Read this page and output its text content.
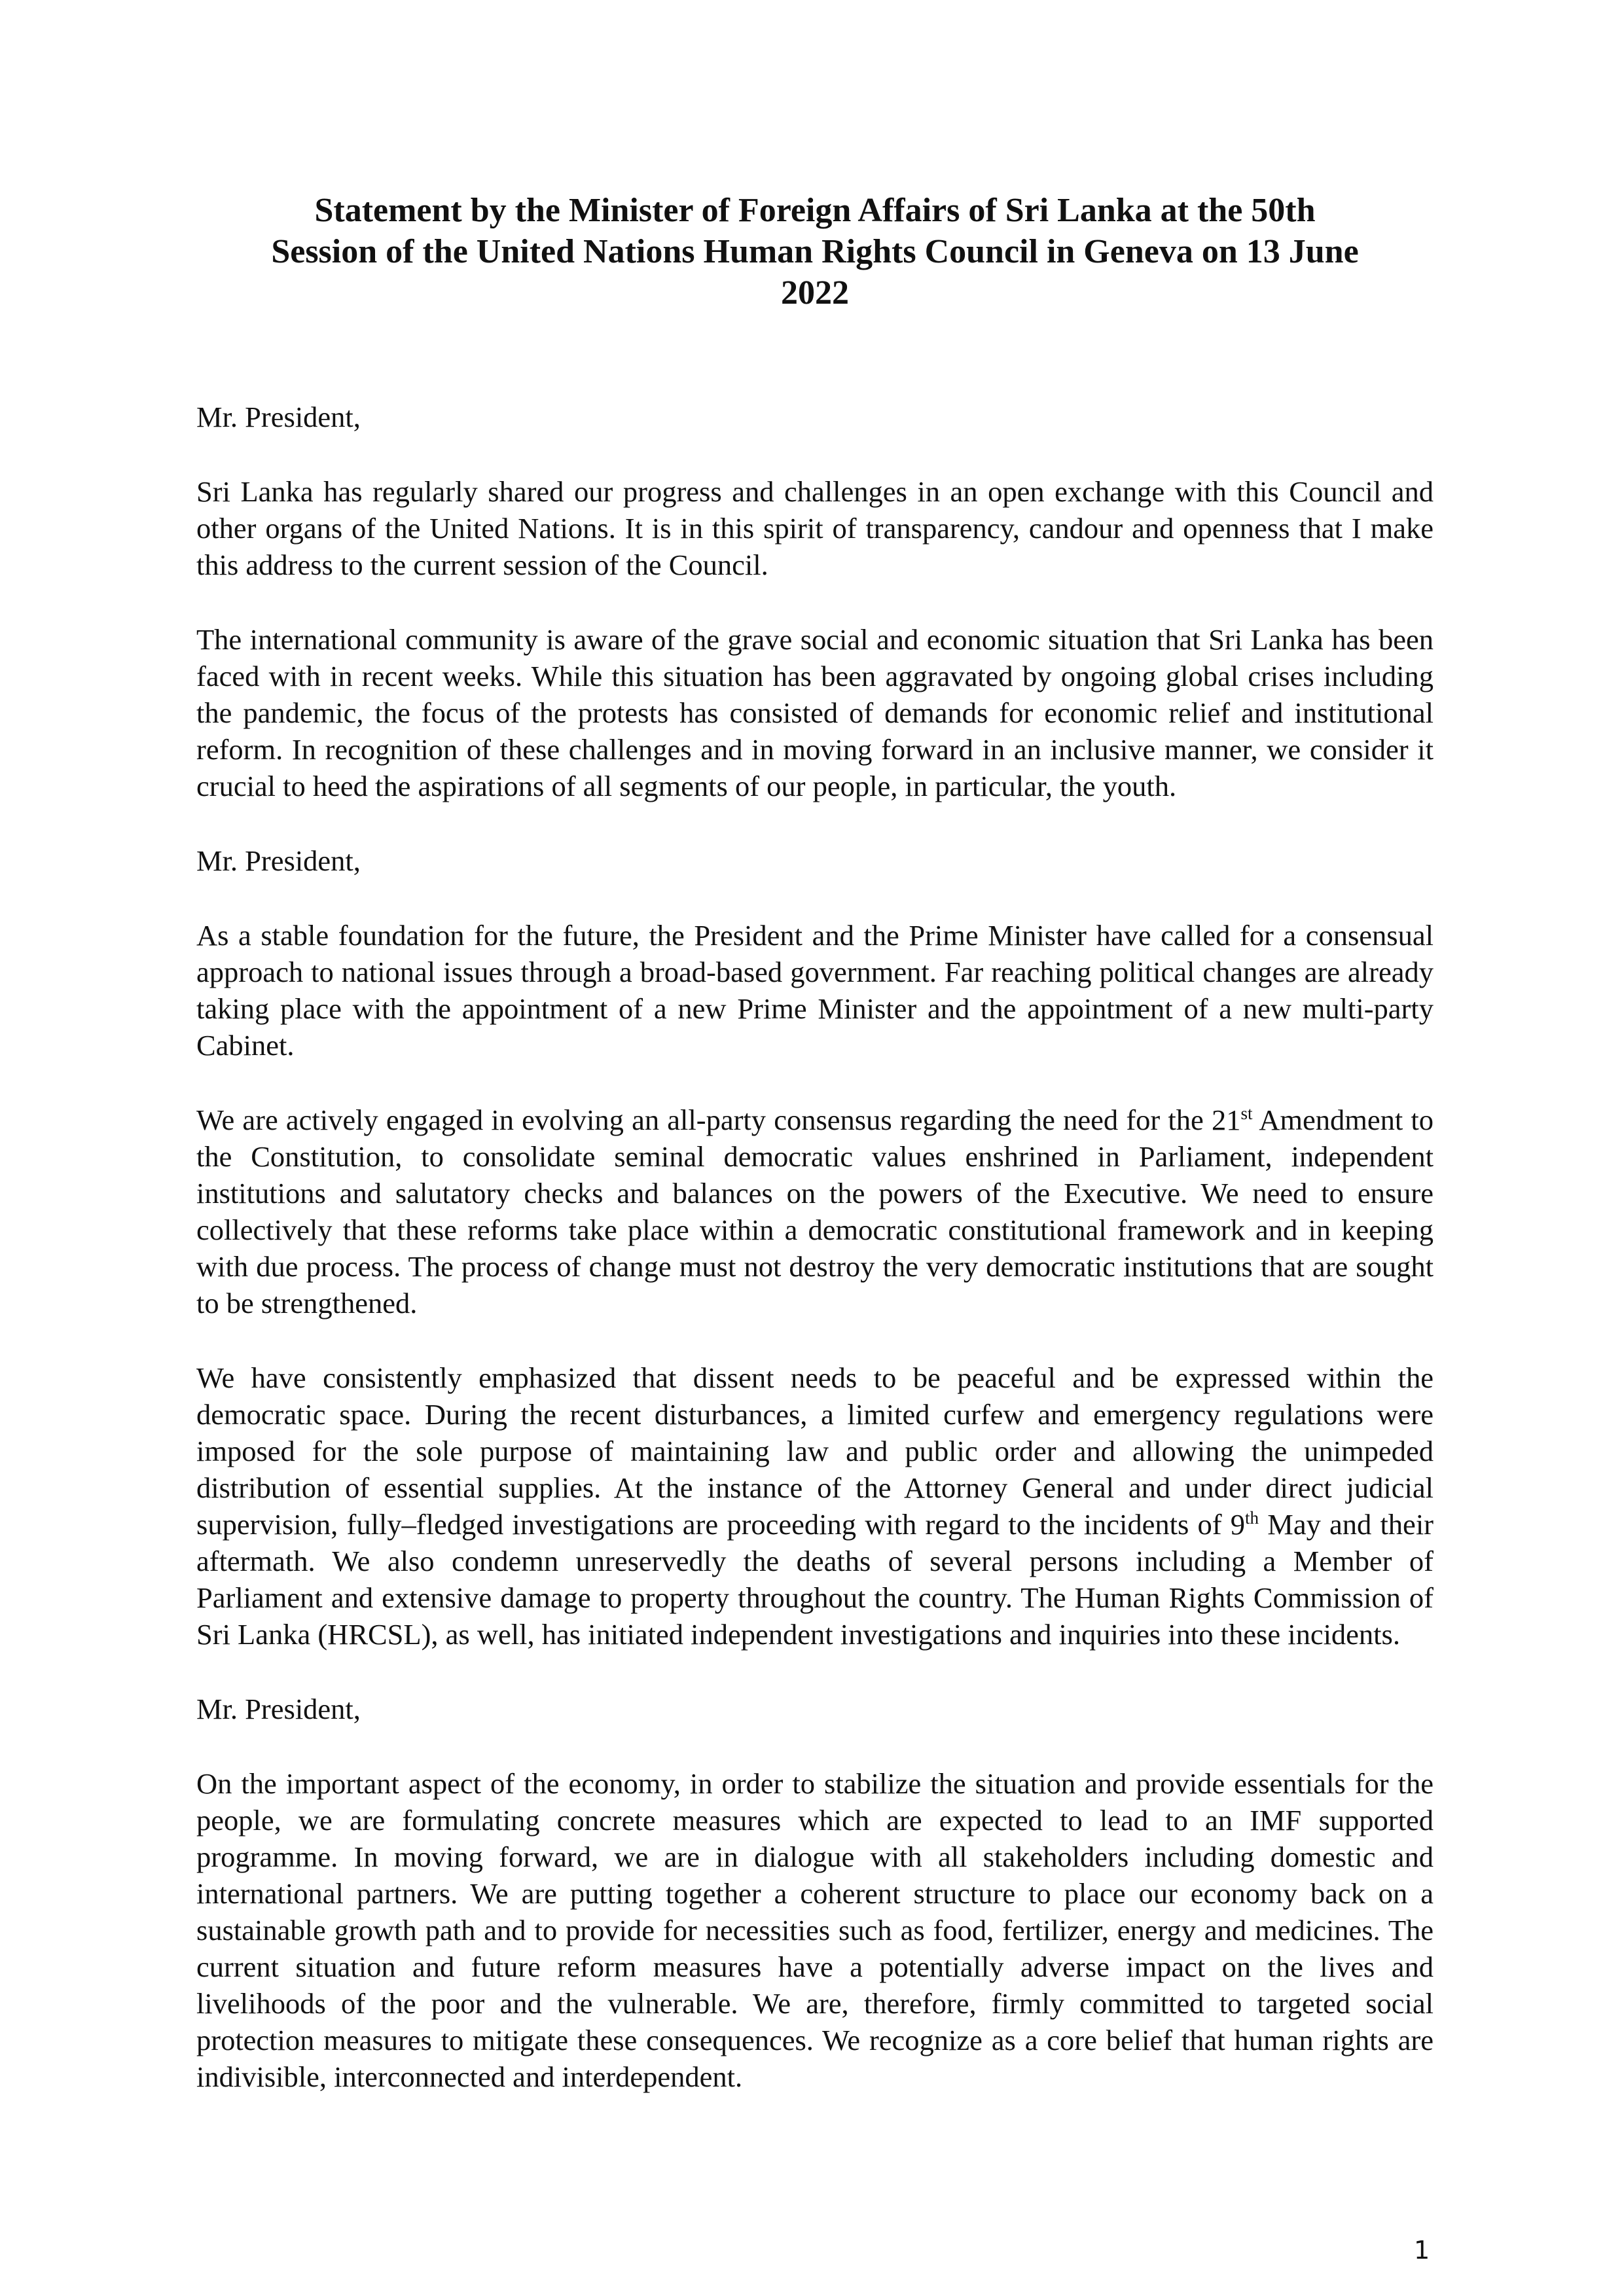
Statement by the Minister of Foreign Affairs of Sri Lanka at the 50th
Session of the United Nations Human Rights Council in Geneva on 13 June
2022

Mr. President,

Sri Lanka has regularly shared our progress and challenges in an open exchange with this Council and other organs of the United Nations. It is in this spirit of transparency, candour and openness that I make this address to the current session of the Council.

The international community is aware of the grave social and economic situation that Sri Lanka has been faced with in recent weeks. While this situation has been aggravated by ongoing global crises including the pandemic, the focus of the protests has consisted of demands for economic relief and institutional reform. In recognition of these challenges and in moving forward in an inclusive manner, we consider it crucial to heed the aspirations of all segments of our people, in particular, the youth.

Mr. President,

As a stable foundation for the future, the President and the Prime Minister have called for a consensual approach to national issues through a broad-based government. Far reaching political changes are already taking place with the appointment of a new Prime Minister and the appointment of a new multi-party Cabinet.

We are actively engaged in evolving an all-party consensus regarding the need for the 21st Amendment to the Constitution, to consolidate seminal democratic values enshrined in Parliament, independent institutions and salutatory checks and balances on the powers of the Executive. We need to ensure collectively that these reforms take place within a democratic constitutional framework and in keeping with due process. The process of change must not destroy the very democratic institutions that are sought to be strengthened.

We have consistently emphasized that dissent needs to be peaceful and be expressed within the democratic space. During the recent disturbances, a limited curfew and emergency regulations were imposed for the sole purpose of maintaining law and public order and allowing the unimpeded distribution of essential supplies. At the instance of the Attorney General and under direct judicial supervision, fully–fledged investigations are proceeding with regard to the incidents of 9th May and their aftermath. We also condemn unreservedly the deaths of several persons including a Member of Parliament and extensive damage to property throughout the country. The Human Rights Commission of Sri Lanka (HRCSL), as well, has initiated independent investigations and inquiries into these incidents.

Mr. President,

On the important aspect of the economy, in order to stabilize the situation and provide essentials for the people, we are formulating concrete measures which are expected to lead to an IMF supported programme. In moving forward, we are in dialogue with all stakeholders including domestic and international partners. We are putting together a coherent structure to place our economy back on a sustainable growth path and to provide for necessities such as food, fertilizer, energy and medicines. The current situation and future reform measures have a potentially adverse impact on the lives and livelihoods of the poor and the vulnerable. We are, therefore, firmly committed to targeted social protection measures to mitigate these consequences. We recognize as a core belief that human rights are indivisible, interconnected and interdependent.

1
